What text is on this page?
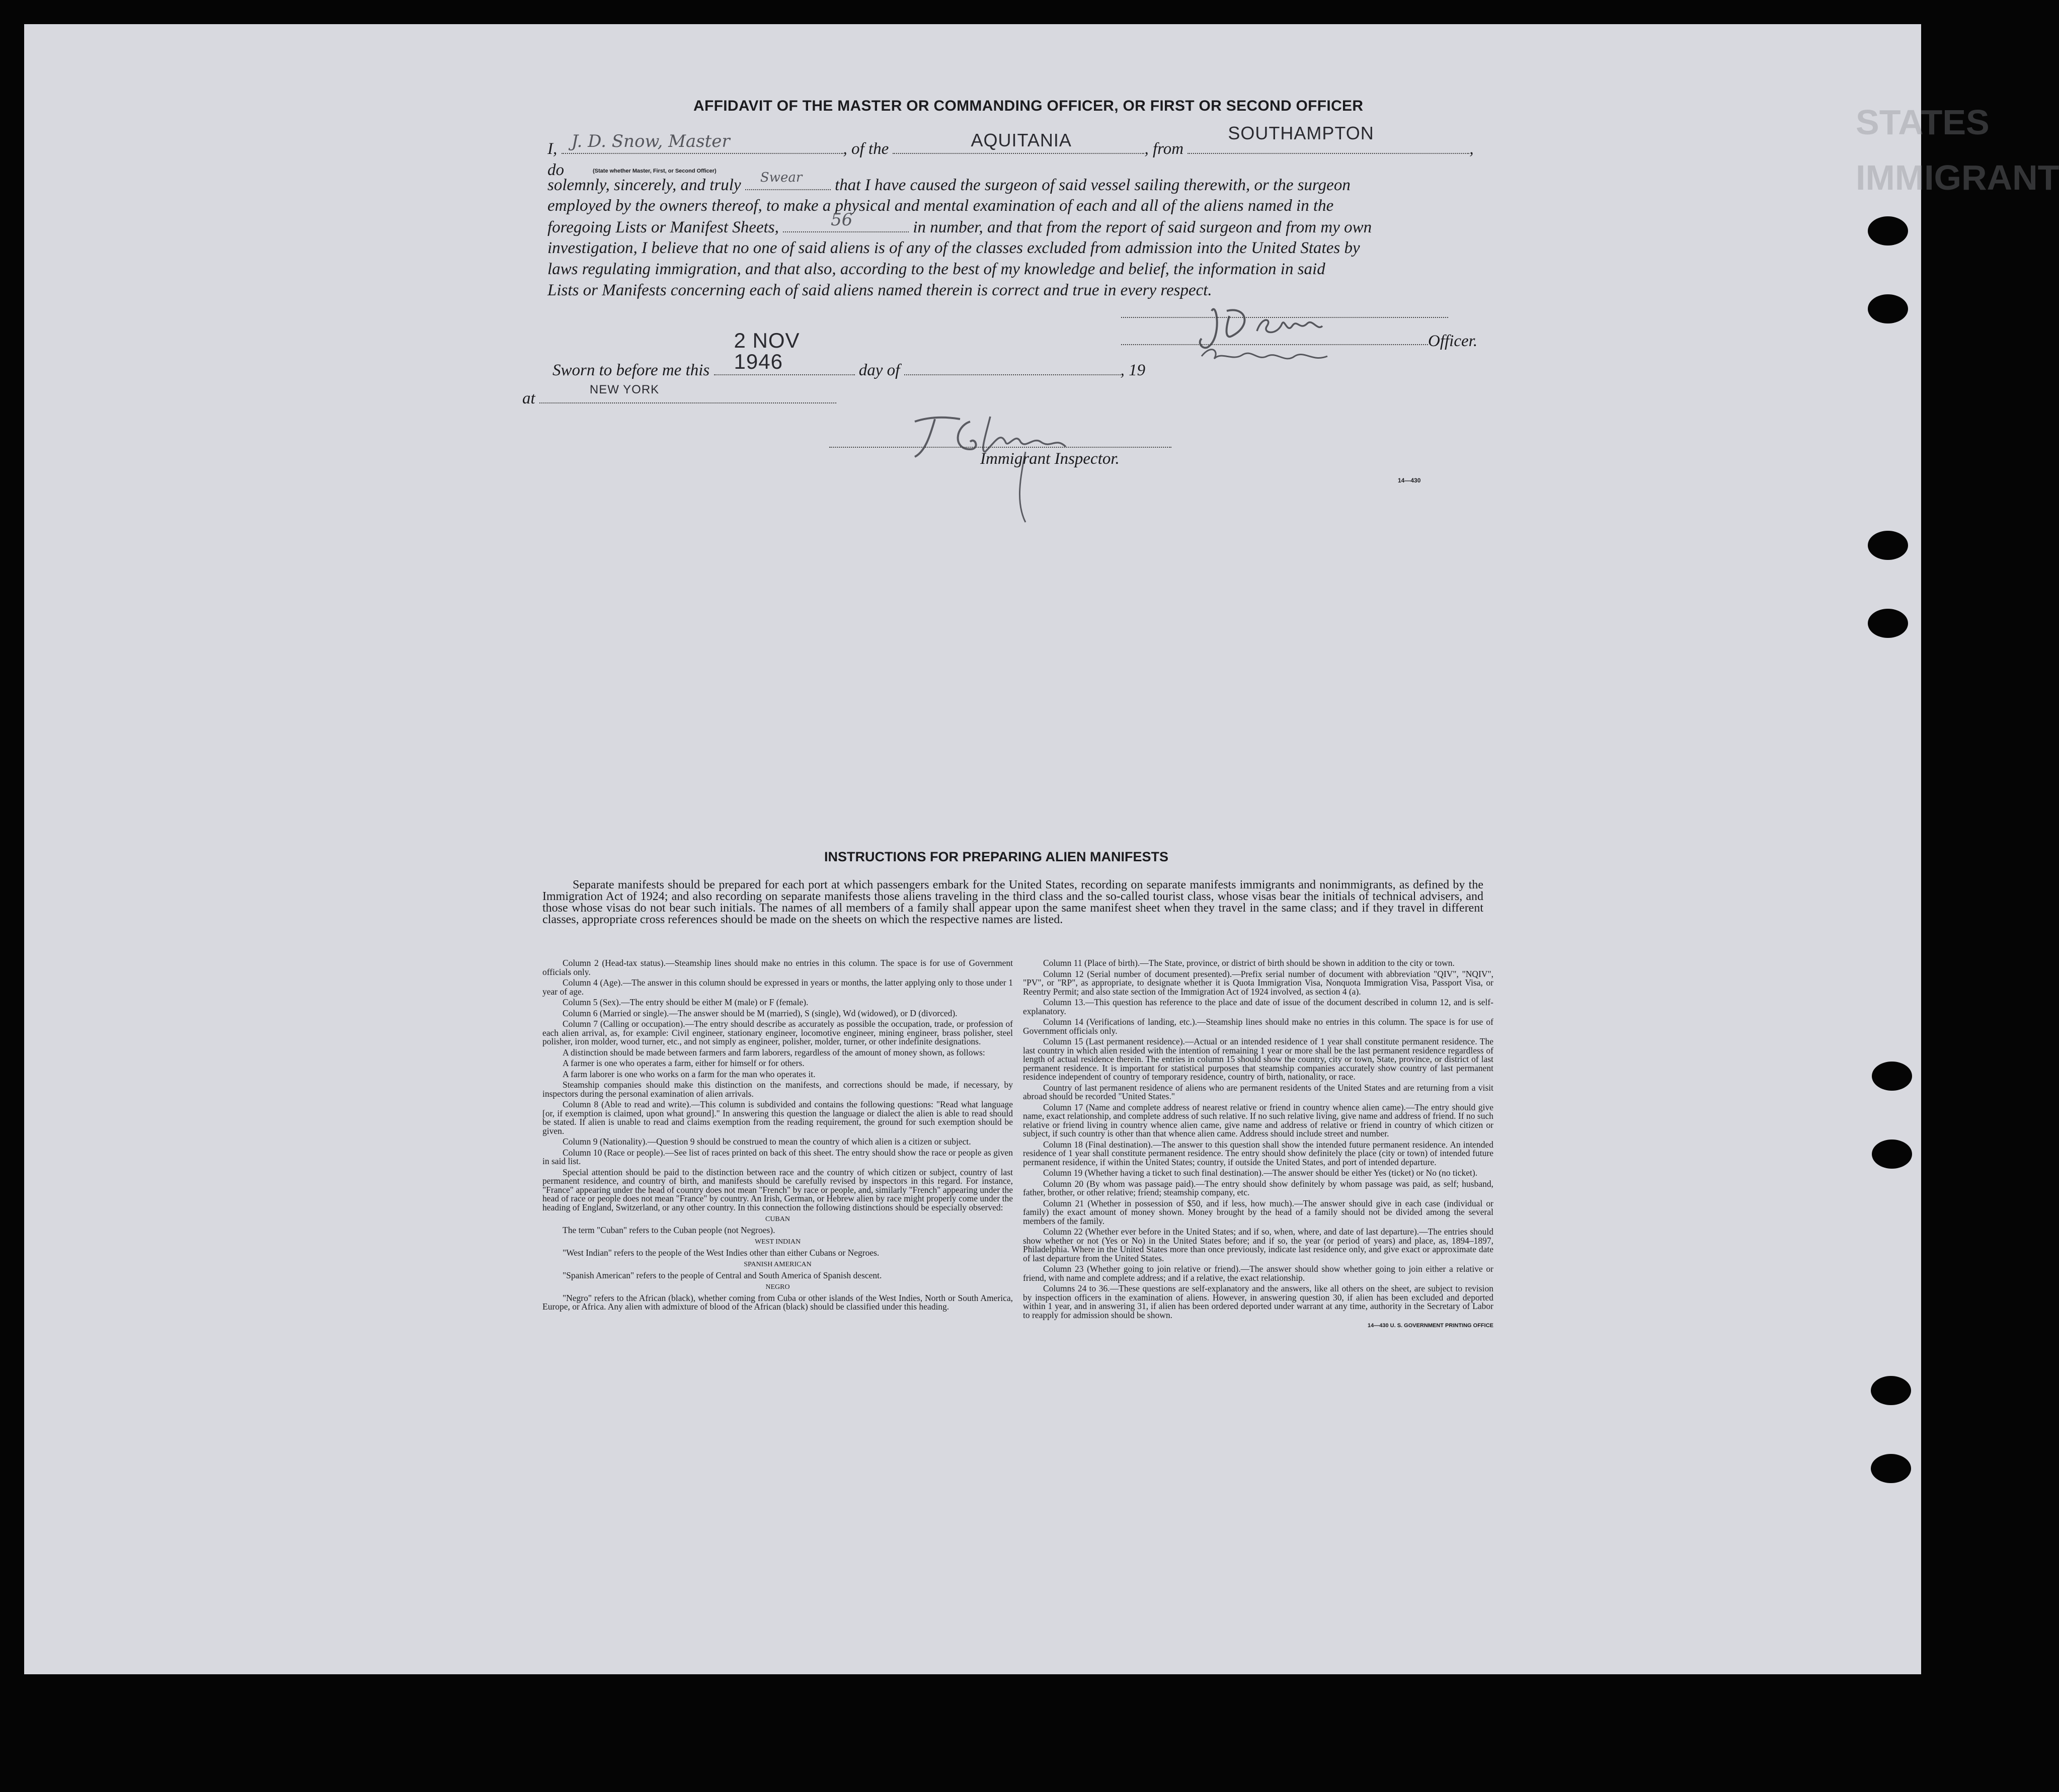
STATES IMMIGRANT
AFFIDAVIT OF THE MASTER OR COMMANDING OFFICER, OR FIRST OR SECOND OFFICER
I, J. D. Snow, Master	, of the	AQUITANIA	, from
SOUTHAMPTON
, do	(State whether Master, First, or Second Officer)
solemnly, sincerely, and truly Swear that I have caused the surgeon of said vessel sailing therewith, or the surgeon
employed by the owners thereof, to make a physical and mental examination of each and all of the aliens named in the
foregoing Lists or Manifest Sheets,	56	in number, and that from the report of said surgeon and from my own
investigation, I believe that no one of said aliens is of any of the classes excluded from admission into the United States by
laws regulating immigration, and that also, according to the best of my knowledge and belief, the information in said
Lists or Manifests concerning each of said aliens named therein is correct and true in every respect.
Officer.
Sworn to before me this
2 NOV 1946	day of	, 19
at	NEW YORK
Immigrant Inspector.
14—430
INSTRUCTIONS FOR PREPARING ALIEN MANIFESTS

Separate manifests should be prepared for each port at which passengers embark for the United States, recording on separate manifests immigrants and nonimmigrants, as defined by the Immigration Act of 1924; and also recording on separate manifests those aliens traveling in the third class and the so-called tourist class, whose visas bear the initials of technical advisers, and those whose visas do not bear such initials. The names of all members of a family shall appear upon the same manifest sheet when they travel in the same class; and if they travel in different classes, appropriate cross references should be made on the sheets on which the respective names are listed.

Column 2 (Head-tax status).—Steamship lines should make no entries in this column. The space is for use of Government officials only.

Column 4 (Age).—The answer in this column should be expressed in years or months, the latter applying only to those under 1 year of age.

Column 5 (Sex).—The entry should be either M (male) or F (female).

Column 6 (Married or single).—The answer should be M (married), S (single), Wd (widowed), or D (divorced).

Column 7 (Calling or occupation).—The entry should describe as accurately as possible the occupation, trade, or profession of each alien arrival, as, for example: Civil engineer, stationary engineer, locomotive engineer, mining engineer, brass polisher, steel polisher, iron molder, wood turner, etc., and not simply as engineer, polisher, molder, turner, or other indefinite designations.

A distinction should be made between farmers and farm laborers, regardless of the amount of money shown, as follows:

A farmer is one who operates a farm, either for himself or for others.

A farm laborer is one who works on a farm for the man who operates it.

Steamship companies should make this distinction on the manifests, and corrections should be made, if necessary, by inspectors during the personal examination of alien arrivals.

Column 8 (Able to read and write).—This column is subdivided and contains the following questions: "Read what language [or, if exemption is claimed, upon what ground]." In answering this question the language or dialect the alien is able to read should be stated. If alien is unable to read and claims exemption from the reading requirement, the ground for such exemption should be given.

Column 9 (Nationality).—Question 9 should be construed to mean the country of which alien is a citizen or subject.

Column 10 (Race or people).—See list of races printed on back of this sheet. The entry should show the race or people as given in said list.

Special attention should be paid to the distinction between race and the country of which citizen or subject, country of last permanent residence, and country of birth, and manifests should be carefully revised by inspectors in this regard. For instance, "France" appearing under the head of country does not mean "French" by race or people, and, similarly "French" appearing under the head of race or people does not mean "France" by country. An Irish, German, or Hebrew alien by race might properly come under the heading of England, Switzerland, or any other country. In this connection the following distinctions should be especially observed:

CUBAN

The term "Cuban" refers to the Cuban people (not Negroes).

WEST INDIAN

"West Indian" refers to the people of the West Indies other than either Cubans or Negroes.

SPANISH AMERICAN

"Spanish American" refers to the people of Central and South America of Spanish descent.

NEGRO

"Negro" refers to the African (black), whether coming from Cuba or other islands of the West Indies, North or South America, Europe, or Africa. Any alien with admixture of blood of the African (black) should be classified under this heading.

Column 11 (Place of birth).—The State, province, or district of birth should be shown in addition to the city or town.

Column 12 (Serial number of document presented).—Prefix serial number of document with abbreviation "QIV", "NQIV", "PV", or "RP", as appropriate, to designate whether it is Quota Immigration Visa, Nonquota Immigration Visa, Passport Visa, or Reentry Permit; and also state section of the Immigration Act of 1924 involved, as section 4 (a).

Column 13.—This question has reference to the place and date of issue of the document described in column 12, and is self-explanatory.

Column 14 (Verifications of landing, etc.).—Steamship lines should make no entries in this column. The space is for use of Government officials only.

Column 15 (Last permanent residence).—Actual or an intended residence of 1 year shall constitute permanent residence. The last country in which alien resided with the intention of remaining 1 year or more shall be the last permanent residence regardless of length of actual residence therein. The entries in column 15 should show the country, city or town, State, province, or district of last permanent residence. It is important for statistical purposes that steamship companies accurately show country of last permanent residence independent of country of temporary residence, country of birth, nationality, or race.

Country of last permanent residence of aliens who are permanent residents of the United States and are returning from a visit abroad should be recorded "United States."

Column 17 (Name and complete address of nearest relative or friend in country whence alien came).—The entry should give name, exact relationship, and complete address of such relative. If no such relative living, give name and address of friend. If no such relative or friend living in country whence alien came, give name and address of relative or friend in country of which citizen or subject, if such country is other than that whence alien came. Address should include street and number.

Column 18 (Final destination).—The answer to this question shall show the intended future permanent residence. An intended residence of 1 year shall constitute permanent residence. The entry should show definitely the place (city or town) of intended future permanent residence, if within the United States; country, if outside the United States, and port of intended departure.

Column 19 (Whether having a ticket to such final destination).—The answer should be either Yes (ticket) or No (no ticket).

Column 20 (By whom was passage paid).—The entry should show definitely by whom passage was paid, as self; husband, father, brother, or other relative; friend; steamship company, etc.

Column 21 (Whether in possession of $50, and if less, how much).—The answer should give in each case (individual or family) the exact amount of money shown. Money brought by the head of a family should not be divided among the several members of the family.

Column 22 (Whether ever before in the United States; and if so, when, where, and date of last departure).—The entries should show whether or not (Yes or No) in the United States before; and if so, the year (or period of years) and place, as, 1894–1897, Philadelphia. Where in the United States more than once previously, indicate last residence only, and give exact or approximate date of last departure from the United States.

Column 23 (Whether going to join relative or friend).—The answer should show whether going to join either a relative or friend, with name and complete address; and if a relative, the exact relationship.

Columns 24 to 36.—These questions are self-explanatory and the answers, like all others on the sheet, are subject to revision by inspection officers in the examination of aliens. However, in answering question 30, if alien has been excluded and deported within 1 year, and in answering 31, if alien has been ordered deported under warrant at any time, authority in the Secretary of Labor to reapply for admission should be shown.

14—430 U. S. GOVERNMENT PRINTING OFFICE
